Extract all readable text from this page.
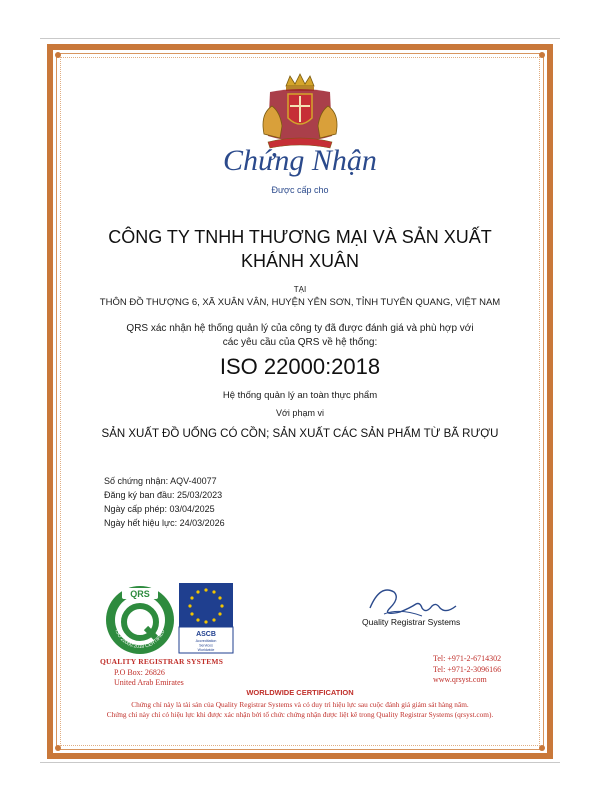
Chứng Nhận
Được cấp cho
CÔNG TY TNHH THƯƠNG MẠI VÀ SẢN XUẤT
KHÁNH XUÂN
TẠI
THÔN ĐỒ THƯỢNG 6, XÃ XUÂN VÂN, HUYỆN YÊN SƠN, TỈNH TUYÊN QUANG, VIỆT NAM
QRS xác nhận hệ thống quản lý của công ty đã được đánh giá và phù hợp với
các yêu cầu của QRS về hệ thống:
ISO 22000:2018
Hệ thống quản lý an toàn thực phẩm
Với phạm vi
SẢN XUẤT ĐỒ UỐNG CÓ CỒN; SẢN XUẤT CÁC SẢN PHẨM TỪ BÃ RƯỢU
Số chứng nhận: AQV-40077
Đăng ký ban đầu: 25/03/2023
Ngày cấp phép: 03/04/2025
Ngày hết hiệu lực: 24/03/2026
QRS
ISO 22000:2018 CERTIFIED	ASCB
Accreditation
Services
Worldwide
QUALITY REGISTRAR SYSTEMS
P.O Box: 26826
United Arab Emirates
Quality Registrar Systems
Tel: +971-2-6714302
Tel: +971-2-3096166
www.qrsyst.com
WORLDWIDE CERTIFICATION
Chứng chỉ này là tài sản của Quality Registrar Systems và có duy trì hiệu lực sau cuộc đánh giá giám sát hàng năm.
Chứng chỉ này chỉ có hiệu lực khi được xác nhận bởi tổ chức chứng nhận được liệt kê trong Quality Registrar Systems (qrsyst.com).
